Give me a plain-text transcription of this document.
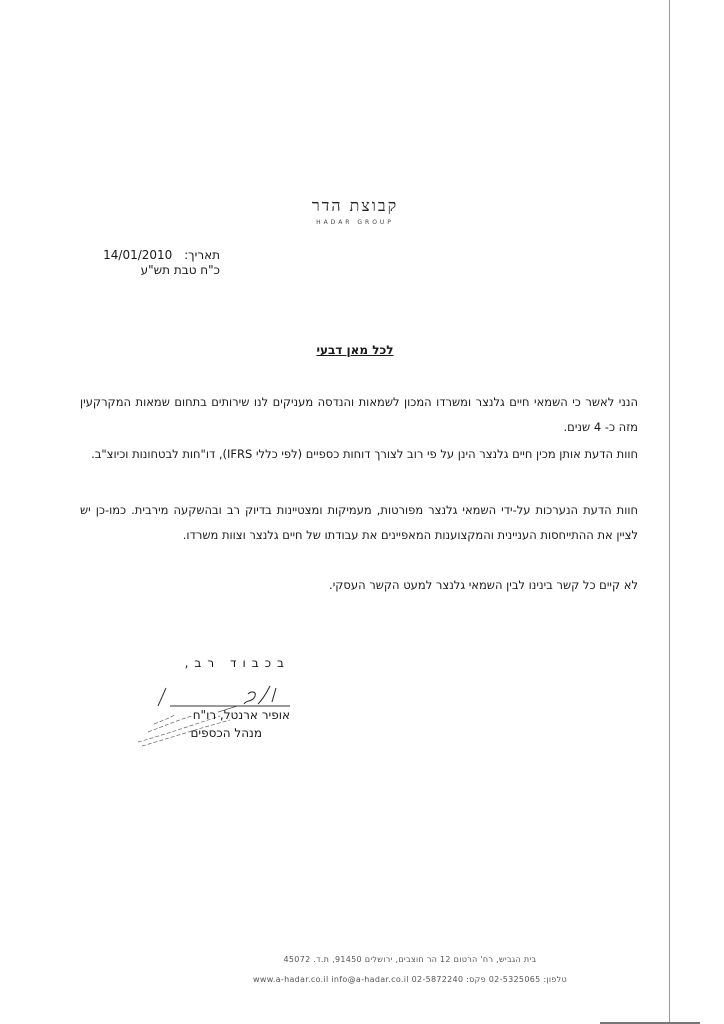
קבוצת הדר
HADAR GROUP
תאריך: 14/01/2010
כ"ח טבת תש"ע
לכל מאן דבעי

הנני לאשר כי השמאי חיים גלנצר ומשרדו המכון לשמאות והנדסה מעניקים לנו שירותים בתחום שמאות המקרקעין מזה כ- 4 שנים.

חוות הדעת אותן מכין חיים גלנצר הינן על פי רוב לצורך דוחות כספיים (לפי כללי IFRS), דו"חות לבטחונות וכיוצ"ב.

חוות הדעת הנערכות על-ידי השמאי גלנצר מפורטות, מעמיקות ומצטיינות בדיוק רב ובהשקעה מירבית. כמו-כן יש לציין את ההתייחסות העניינית והמקצוענות המאפיינים את עבודתו של חיים גלנצר וצוות משרדו.

לא קיים כל קשר בינינו לבין השמאי גלנצר למעט הקשר העסקי.

בכבוד רב,
אופיר ארנטל, רו"ח
מנהל הכספים
בית הגביש, רח' הרטום 12 הר חוצבים, ירושלים 91450, ת.ד. 45072
טלפון: 02-5325065 פקס: 02-5872240 www.a-hadar.co.il info@a-hadar.co.il
